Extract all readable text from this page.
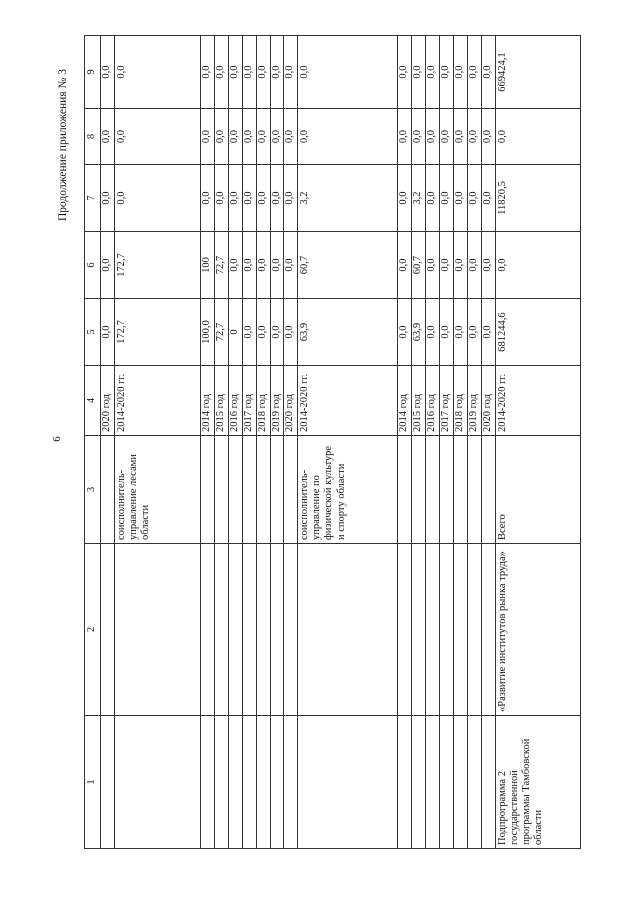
6
Продолжение приложения № 3
1	2	3	4	5	6	7	8	9
			2020 год	0,0	0,0	0,0	0,0	0,0
		соисполнитель-управление лесами области	2014-2020 гг.	172,7	172,7	0,0	0,0	0,0
			2014 год	100,0	100	0,0	0,0	0,0
			2015 год	72,7	72,7	0,0	0,0	0,0
			2016 год	0	0,0	0,0	0,0	0,0
			2017 год	0,0	0,0	0,0	0,0	0,0
			2018 год	0,0	0,0	0,0	0,0	0,0
			2019 год	0,0	0,0	0,0	0,0	0,0
			2020 год	0,0	0,0	0,0	0,0	0,0
		соисполнитель-управление по физической культуре и спорту области	2014-2020 гг.	63,9	60,7	3,2	0,0	0,0
			2014 год	0,0	0,0	0,0	0,0	0,0
			2015 год	63,9	60,7	3,2	0,0	0,0
			2016 год	0,0	0,0	0,0	0,0	0,0
			2017 год	0,0	0,0	0,0	0,0	0,0
			2018 год	0,0	0,0	0,0	0,0	0,0
			2019 год	0,0	0,0	0,0	0,0	0,0
			2020 год	0,0	0,0	0,0	0,0	0,0
Подпрограмма 2 государственной программы Тамбовской области	«Развитие институтов рынка труда»	Всего	2014-2020 гг.	681244,6	0,0	11820,5	0,0	669424,1
